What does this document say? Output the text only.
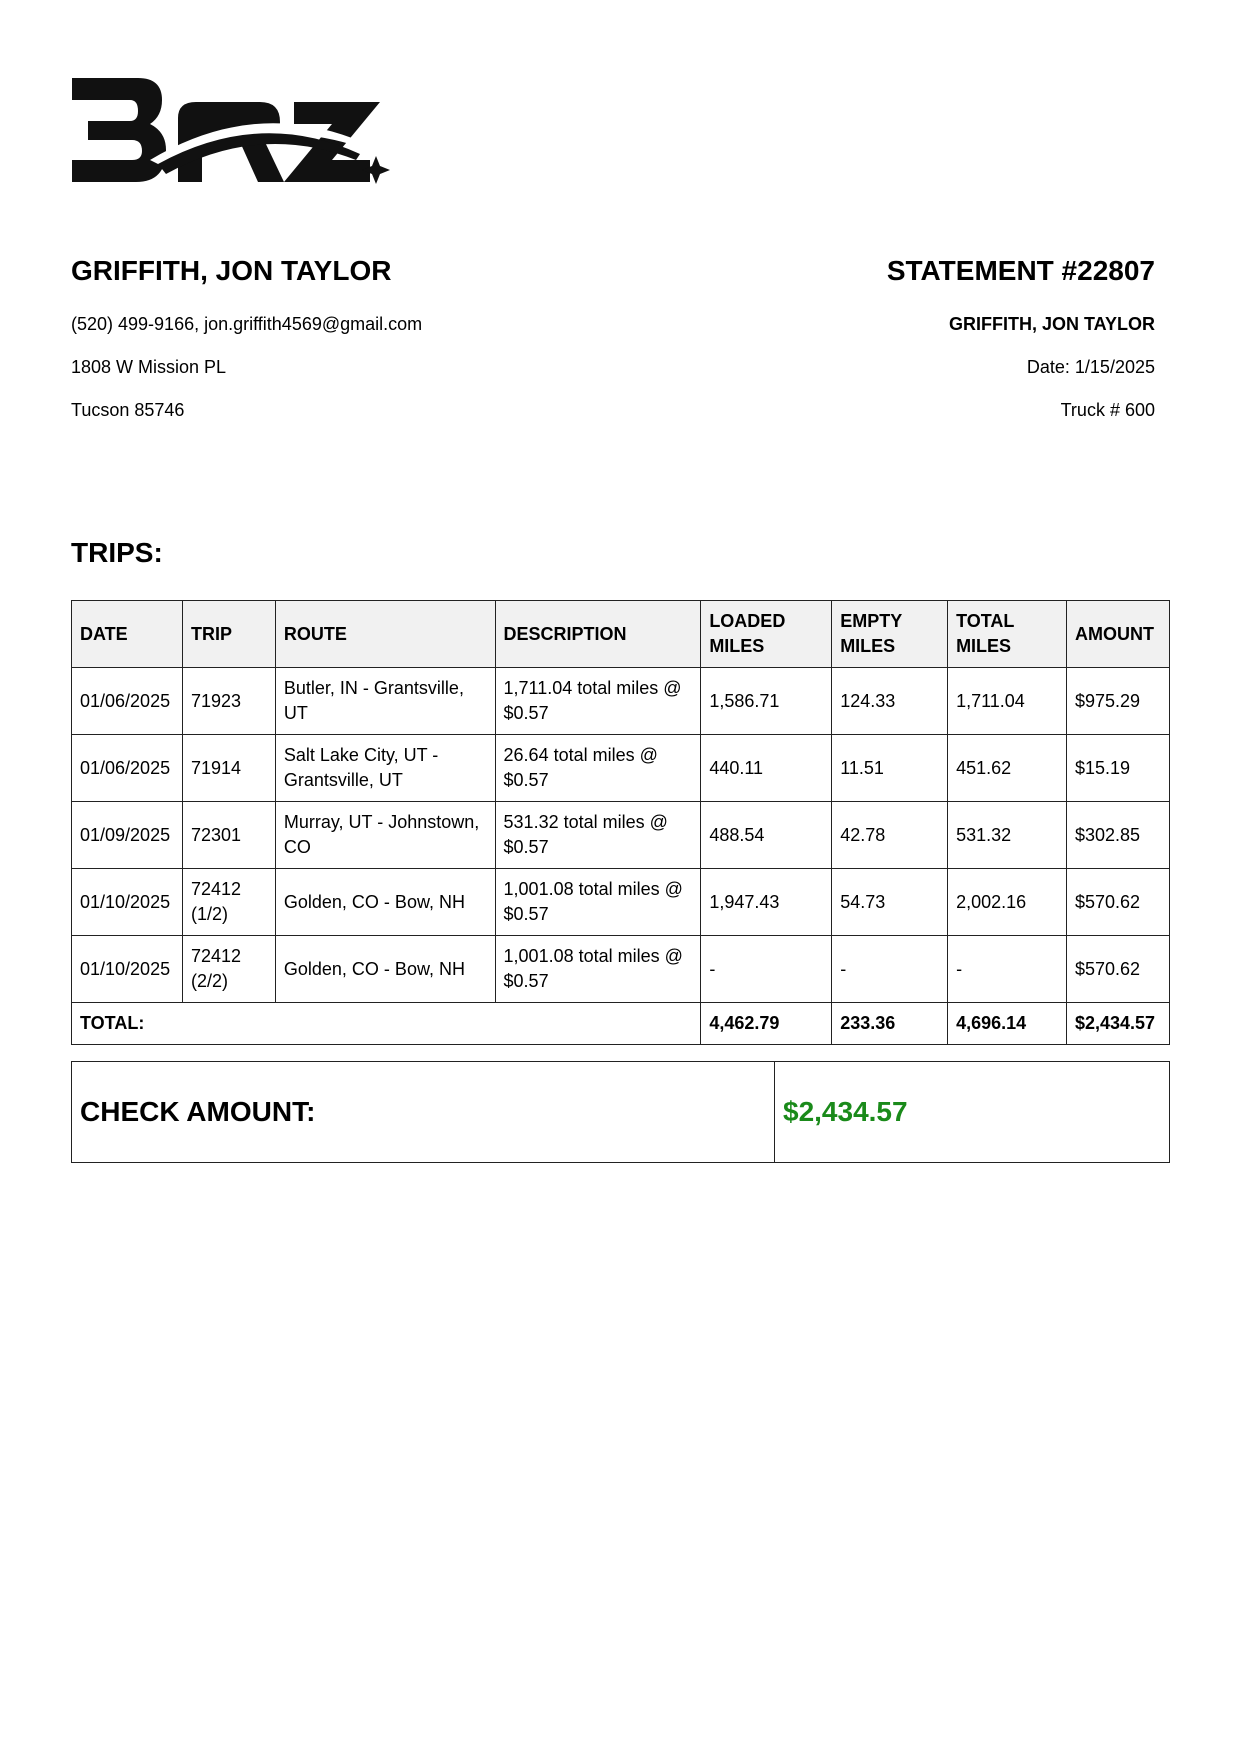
GRIFFITH, JON TAYLOR
(520) 499-9166, jon.griffith4569@gmail.com
1808 W Mission PL
Tucson 85746
STATEMENT #22807
GRIFFITH, JON TAYLOR
Date: 1/15/2025
Truck # 600
TRIPS:
DATE	TRIP	ROUTE	DESCRIPTION	LOADED MILES	EMPTY MILES	TOTAL MILES	AMOUNT
01/06/2025	71923	Butler, IN - Grantsville, UT	1,711.04 total miles @ $0.57	1,586.71	124.33	1,711.04	$975.29
01/06/2025	71914	Salt Lake City, UT - Grantsville, UT	26.64 total miles @ $0.57	440.11	11.51	451.62	$15.19
01/09/2025	72301	Murray, UT - Johnstown, CO	531.32 total miles @ $0.57	488.54	42.78	531.32	$302.85
01/10/2025	72412 (1/2)	Golden, CO - Bow, NH	1,001.08 total miles @ $0.57	1,947.43	54.73	2,002.16	$570.62
01/10/2025	72412 (2/2)	Golden, CO - Bow, NH	1,001.08 total miles @ $0.57	-	-	-	$570.62
TOTAL:				4,462.79	233.36	4,696.14	$2,434.57
CHECK AMOUNT:	$2,434.57
